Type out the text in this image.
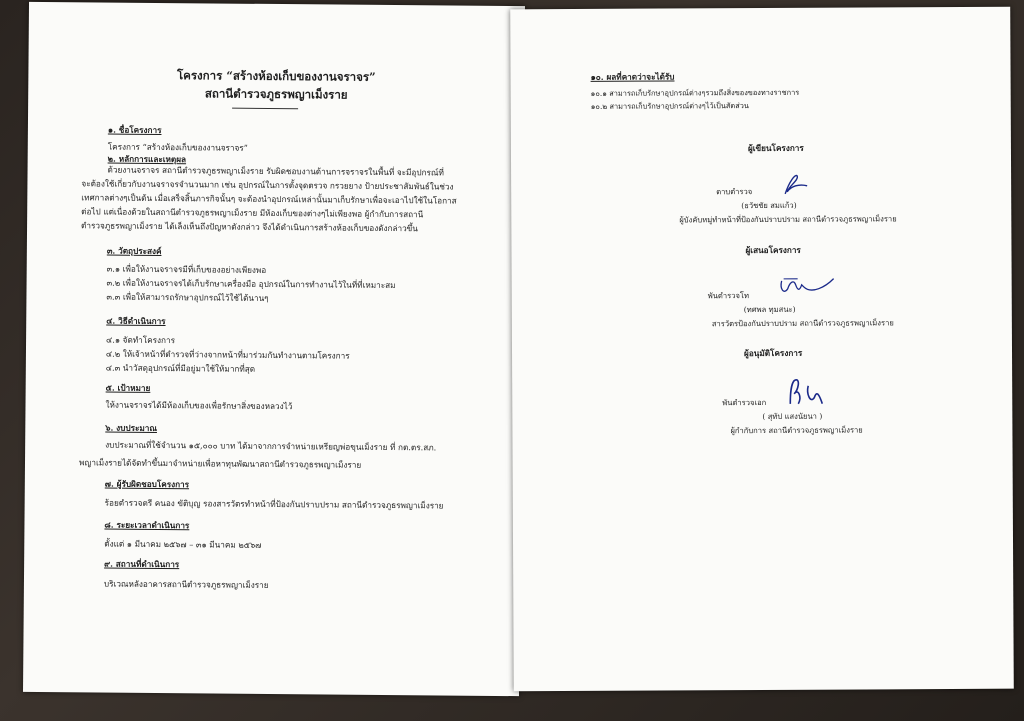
โครงการ “สร้างห้องเก็บของงานจราจร”
สถานีตำรวจภูธรพญาเม็งราย
๑. ชื่อโครงการ
โครงการ “สร้างห้องเก็บของงานจราจร”
๒. หลักการและเหตุผล
ด้วยงานจราจร สถานีตำรวจภูธรพญาเม็งราย รับผิดชอบงานด้านการจราจรในพื้นที่ จะมีอุปกรณ์ที่
จะต้องใช้เกี่ยวกับงานจราจรจำนวนมาก เช่น อุปกรณ์ในการตั้งจุดตรวจ กรวยยาง ป้ายประชาสัมพันธ์ในช่วง
เทศกาลต่างๆเป็นต้น เมื่อเสร็จสิ้นภารกิจนั้นๆ จะต้องนำอุปกรณ์เหล่านั้นมาเก็บรักษาเพื่อจะเอาไปใช้ในโอกาส
ต่อไป แต่เนื่องด้วยในสถานีตำรวจภูธรพญาเม็งราย มีห้องเก็บของต่างๆไม่เพียงพอ ผู้กำกับการสถานี
ตำรวจภูธรพญาเม็งราย ได้เล็งเห็นถึงปัญหาดังกล่าว จึงได้ดำเนินการสร้างห้องเก็บของดังกล่าวขึ้น
๓. วัตถุประสงค์
๓.๑ เพื่อให้งานจราจรมีที่เก็บของอย่างเพียงพอ
๓.๒ เพื่อให้งานจราจรได้เก็บรักษาเครื่องมือ อุปกรณ์ในการทำงานไว้ในที่ที่เหมาะสม
๓.๓ เพื่อให้สามารถรักษาอุปกรณ์ไว้ใช้ได้นานๆ
๔. วิธีดำเนินการ
๔.๑ จัดทำโครงการ
๔.๒ ให้เจ้าหน้าที่ตำรวจที่ว่างจากหน้าที่มาร่วมกันทำงานตามโครงการ
๔.๓ นำวัสดุอุปกรณ์ที่มีอยู่มาใช้ให้มากที่สุด
๕. เป้าหมาย
ให้งานจราจรได้มีห้องเก็บของเพื่อรักษาสิ่งของหลวงไว้
๖. งบประมาณ
งบประมาณที่ใช้จำนวน ๑๕,๐๐๐ บาท ได้มาจากการจำหน่ายเหรียญพ่อขุนเม็งราย ที่ กต.ตร.สภ.
พญาเม็งรายได้จัดทำขึ้นมาจำหน่ายเพื่อหาทุนพัฒนาสถานีตำรวจภูธรพญาเม็งราย
๗. ผู้รับผิดชอบโครงการ
ร้อยตำรวจตรี คนอง ขัติบุญ รองสารวัตรทำหน้าที่ป้องกันปราบปราม สถานีตำรวจภูธรพญาเม็งราย
๘. ระยะเวลาดำเนินการ
ตั้งแต่ ๑ มีนาคม ๒๕๖๗ – ๓๑ มีนาคม ๒๕๖๗
๙. สถานที่ดำเนินการ
บริเวณหลังอาคารสถานีตำรวจภูธรพญาเม็งราย
๑๐. ผลที่คาดว่าจะได้รับ
๑๐.๑ สามารถเก็บรักษาอุปกรณ์ต่างๆรวมถึงสิ่งของของทางราชการ
๑๐.๒ สามารถเก็บรักษาอุปกรณ์ต่างๆไว้เป็นสัดส่วน
ผู้เขียนโครงการ
ดาบตำรวจ
(ธวัชชัย สมแก้ว)
ผู้บังคับหมู่ทำหน้าที่ป้องกันปราบปราม สถานีตำรวจภูธรพญาเม็งราย
ผู้เสนอโครงการ
พันตำรวจโท
(ทศพล ทุมสนะ)
สารวัตรป้องกันปราบปราม สถานีตำรวจภูธรพญาเม็งราย
ผู้อนุมัติโครงการ
พันตำรวจเอก
( สุทัป แสงนัยนา )
ผู้กำกับการ สถานีตำรวจภูธรพญาเม็งราย
